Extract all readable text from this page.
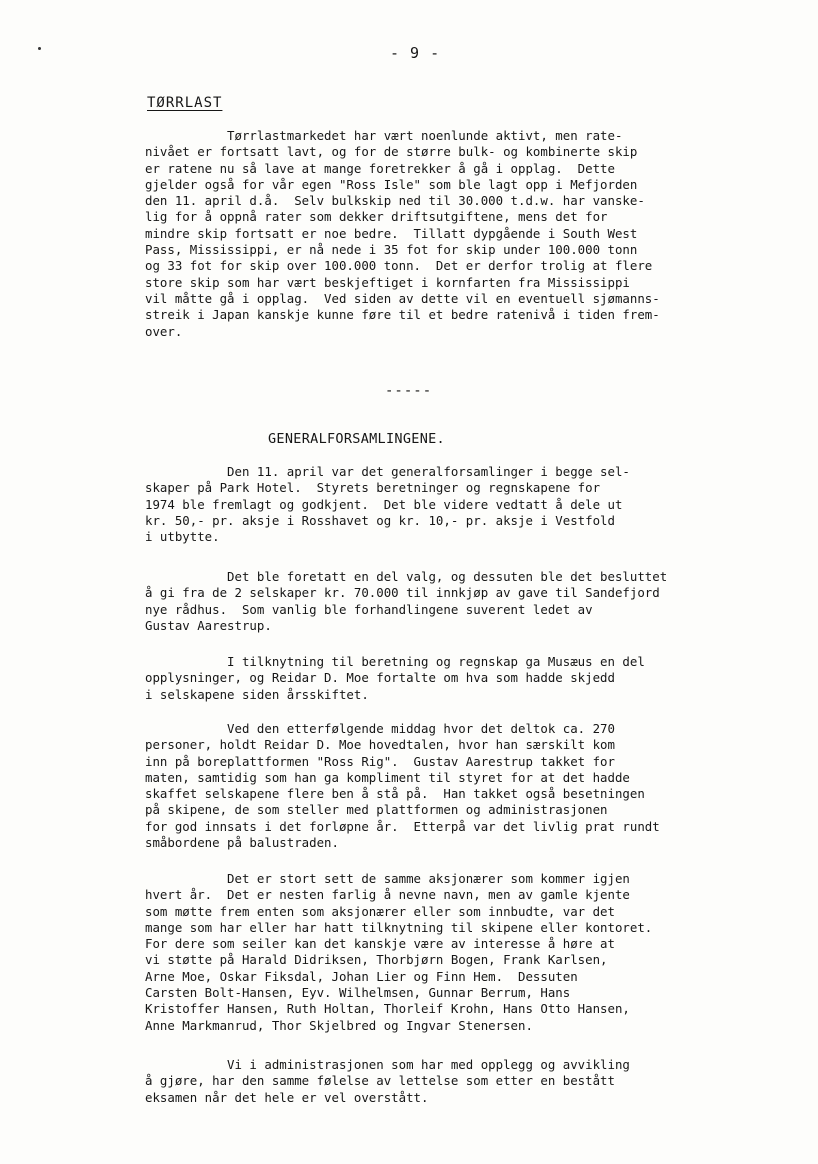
- 9 -
TØRRLAST
Tørrlastmarkedet har vært noenlunde aktivt, men rate-
nivået er fortsatt lavt, og for de større bulk- og kombinerte skip
er ratene nu så lave at mange foretrekker å gå i opplag.  Dette
gjelder også for vår egen "Ross Isle" som ble lagt opp i Mefjorden
den 11. april d.å.  Selv bulkskip ned til 30.000 t.d.w. har vanske-
lig for å oppnå rater som dekker driftsutgiftene, mens det for
mindre skip fortsatt er noe bedre.  Tillatt dypgående i South West
Pass, Mississippi, er nå nede i 35 fot for skip under 100.000 tonn
og 33 fot for skip over 100.000 tonn.  Det er derfor trolig at flere
store skip som har vært beskjeftiget i kornfarten fra Mississippi
vil måtte gå i opplag.  Ved siden av dette vil en eventuell sjømanns-
streik i Japan kanskje kunne føre til et bedre ratenivå i tiden frem-
over.
-----
GENERALFORSAMLINGENE.
Den 11. april var det generalforsamlinger i begge sel-
skaper på Park Hotel.  Styrets beretninger og regnskapene for
1974 ble fremlagt og godkjent.  Det ble videre vedtatt å dele ut
kr. 50,- pr. aksje i Rosshavet og kr. 10,- pr. aksje i Vestfold
i utbytte.
Det ble foretatt en del valg, og dessuten ble det besluttet
å gi fra de 2 selskaper kr. 70.000 til innkjøp av gave til Sandefjord
nye rådhus.  Som vanlig ble forhandlingene suverent ledet av
Gustav Aarestrup.
I tilknytning til beretning og regnskap ga Musæus en del
opplysninger, og Reidar D. Moe fortalte om hva som hadde skjedd
i selskapene siden årsskiftet.
Ved den etterfølgende middag hvor det deltok ca. 270
personer, holdt Reidar D. Moe hovedtalen, hvor han særskilt kom
inn på boreplattformen "Ross Rig".  Gustav Aarestrup takket for
maten, samtidig som han ga kompliment til styret for at det hadde
skaffet selskapene flere ben å stå på.  Han takket også besetningen
på skipene, de som steller med plattformen og administrasjonen
for god innsats i det forløpne år.  Etterpå var det livlig prat rundt
småbordene på balustraden.
Det er stort sett de samme aksjonærer som kommer igjen
hvert år.  Det er nesten farlig å nevne navn, men av gamle kjente
som møtte frem enten som aksjonærer eller som innbudte, var det
mange som har eller har hatt tilknytning til skipene eller kontoret.
For dere som seiler kan det kanskje være av interesse å høre at
vi støtte på Harald Didriksen, Thorbjørn Bogen, Frank Karlsen,
Arne Moe, Oskar Fiksdal, Johan Lier og Finn Hem.  Dessuten
Carsten Bolt-Hansen, Eyv. Wilhelmsen, Gunnar Berrum, Hans
Kristoffer Hansen, Ruth Holtan, Thorleif Krohn, Hans Otto Hansen,
Anne Markmanrud, Thor Skjelbred og Ingvar Stenersen.
Vi i administrasjonen som har med opplegg og avvikling
å gjøre, har den samme følelse av lettelse som etter en bestått
eksamen når det hele er vel overstått.
